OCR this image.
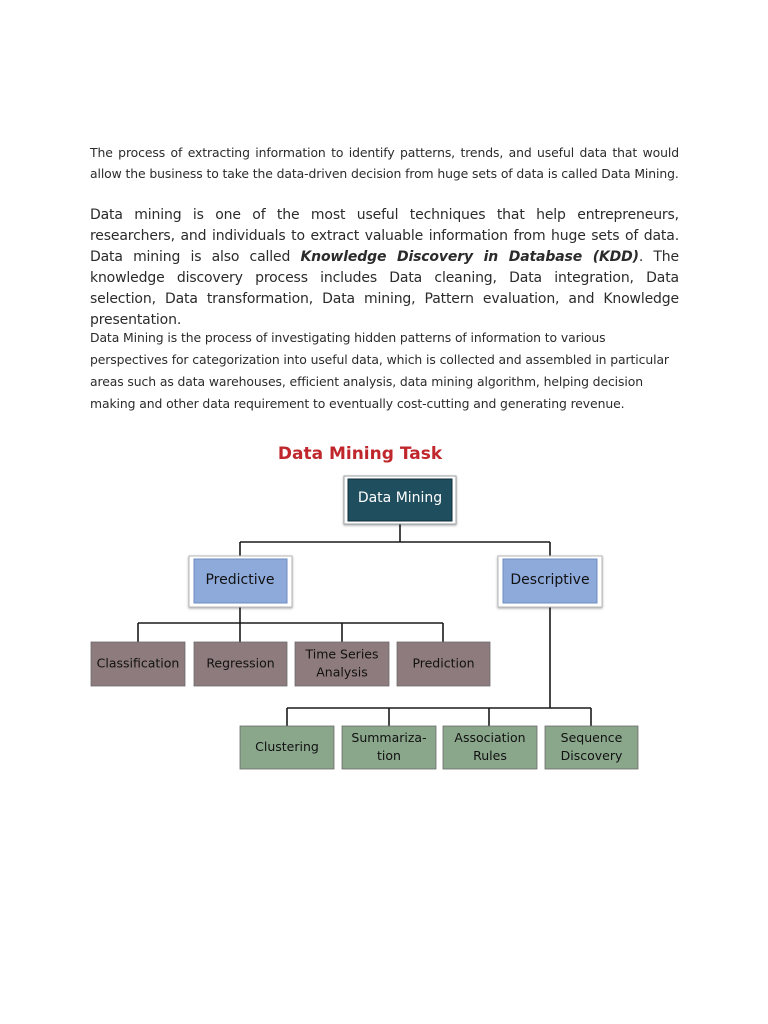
The process of extracting information to identify patterns, trends, and useful data that would allow the business to take the data-driven decision from huge sets of data is called Data Mining.

Data mining is one of the most useful techniques that help entrepreneurs, researchers, and individuals to extract valuable information from huge sets of data. Data mining is also called Knowledge Discovery in Database (KDD). The knowledge discovery process includes Data cleaning, Data integration, Data selection, Data transformation, Data mining, Pattern evaluation, and Knowledge presentation.

Data Mining is the process of investigating hidden patterns of information to various perspectives for categorization into useful data, which is collected and assembled in particular areas such as data warehouses, efficient analysis, data mining algorithm, helping decision making and other data requirement to eventually cost-cutting and generating revenue.

Data Mining Task
Data Mining
Predictive	Descriptive
Classification Regression
Time Series
Analysis
Prediction
Clustering
Summariza-
tion
Association
Rules
Sequence
Discovery
